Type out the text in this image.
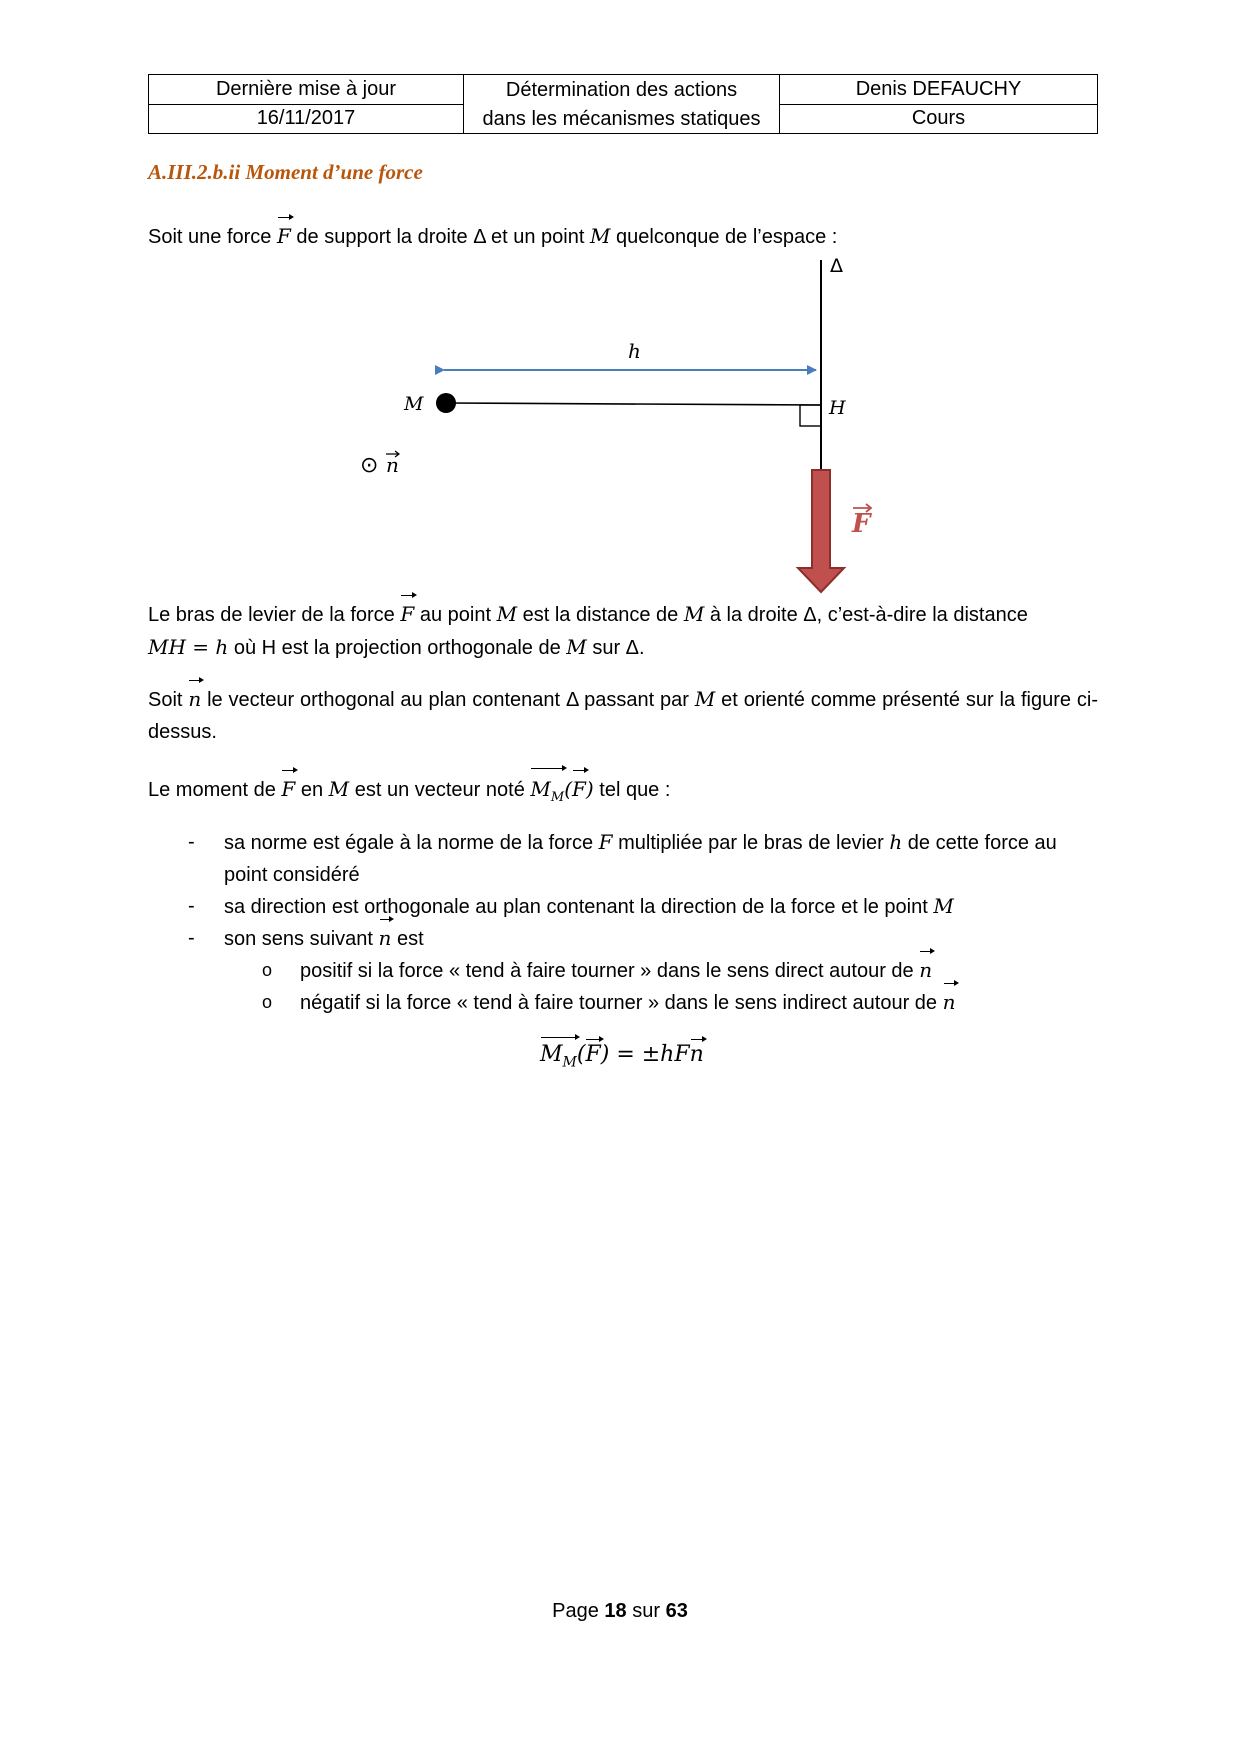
Dernière mise à jour
16/11/2017
Détermination des actions
dans les mécanismes statiques
Denis DEFAUCHY
Cours
A.III.2.b.ii Moment d’une force
Soit une force F de support la droite Δ et un point M quelconque de l’espace :
Δ
h
M	H
⊙ n
F
Le bras de levier de la force F au point M est la distance de M à la droite Δ, c’est-à-dire la distance
MH = h où H est la projection orthogonale de M sur Δ.
Soit n le vecteur orthogonal au plan contenant Δ passant par M et orienté comme présenté sur la figure ci-dessus.
Le moment de F en M est un vecteur noté $M_M(F)$ tel que :
- sa norme est égale à la norme de la force F multipliée par le bras de levier h de cette force au
point considéré
- sa direction est orthogonale au plan contenant la direction de la force et le point M
- son sens suivant n est
o positif si la force « tend à faire tourner » dans le sens direct autour de n
o négatif si la force « tend à faire tourner » dans le sens indirect autour de n
$M_M(F) = \pm hFn$
Page 18 sur 63
